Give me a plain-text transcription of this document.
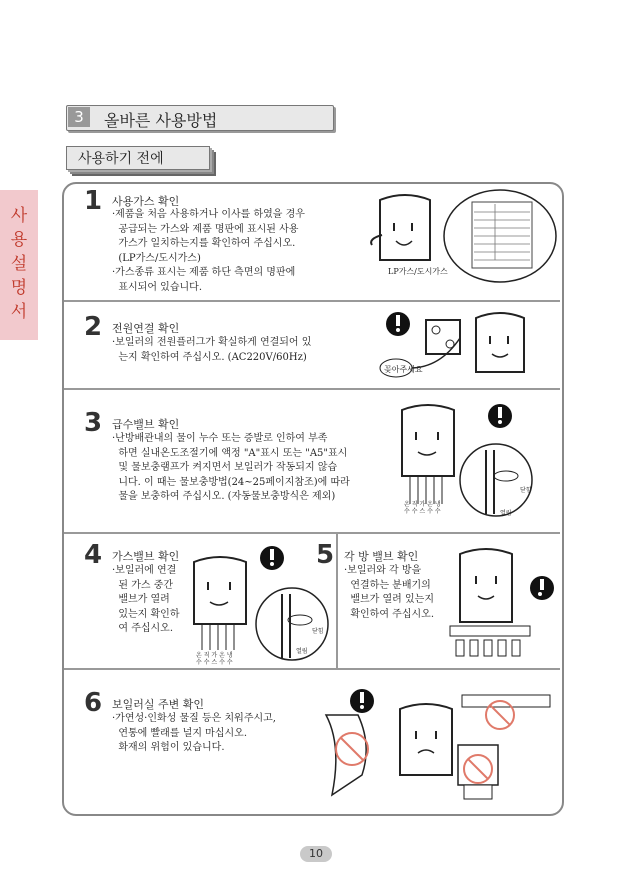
사
용
설
명
서
3	올바른 사용방법
사용하기 전에
1 사용가스 확인
·제품을 처음 사용하거나 이사를 하였을 경우
공급되는 가스와 제품 명판에 표시된 사용
가스가 일치하는지를 확인하여 주십시오.
(LP가스/도시가스)
·가스종류 표시는 제품 하단 측면의 명판에
표시되어 있습니다.
LP가스/도시가스
2 전원연결 확인
·보일러의 전원플러그가 확실하게 연결되어 있
는지 확인하여 주십시오. (AC220V/60Hz)
꽂아주세요
3 급수밸브 확인
·난방배관내의 물이 누수 또는 증발로 인하여 부족
하면 실내온도조절기에 액정 "A"표시 또는 "A5"표시
및 물보충램프가 켜지면서 보일러가 작동되지 않습
니다. 이 때는 물보충방법(24~25페이지참조)에 따라
물을 보충하여 주십시오. (자동물보충방식은 제외)
온 직 가 온 냉
수 수 스 수 수
닫힘
열림
4 가스밸브 확인
·보일러에 연결
된 가스 중간
밸브가 열려
있는지 확인하
여 주십시오.
온 직 가 온 냉
수 수 스 수 수
닫힘
열림
5 각 방 밸브 확인
·보일러와 각 방을
연결하는 분배기의
밸브가 열려 있는지
확인하여 주십시오.
6 보일러실 주변 확인
·가연성·인화성 물질 등은 치워주시고,
연통에 빨래를 널지 마십시오.
화재의 위험이 있습니다.
10
